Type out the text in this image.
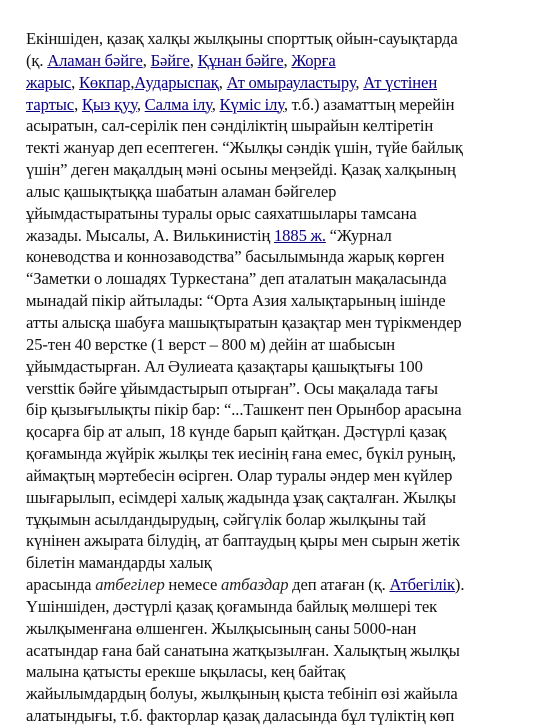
Екіншіден, қазақ халқы жылқыны спорттық ойын-сауықтарда
(қ. Аламан бәйге, Бәйге, Құнан бәйге, Жорға
жарыс, Көкпар,Аударыспақ, Ат омырауластыру, Ат үстінен
тартыс, Қыз қуу, Салма ілу, Күміс ілу, т.б.) азаматтың мерейін
асыратын, сал-серілік пен сәнділіктің шырайын келтіретін
текті жануар деп есептеген. “Жылқы сәндік үшін, түйе байлық
үшін” деген мақалдың мәні осыны меңзейді. Қазақ халқының
алыс қашықтыққа шабатын аламан бәйгелер
ұйымдастыратыны туралы орыс саяхатшылары тамсана
жазады. Мысалы, А. Вилькинистің 1885 ж. “Журнал
коневодства и коннозаводства” басылымында жарық көрген
“Заметки о лошадях Туркестана” деп аталатын мақаласында
мынадай пікір айтылады: “Орта Азия халықтарының ішінде
атты алысқа шабуға машықтыратын қазақтар мен түрікмендер
25-тен 40 верстке (1 верст – 800 м) дейін ат шабысын
ұйымдастырған. Ал Әулиеата қазақтары қашықтығы 100
versttік бәйге ұйымдастырып отырған”. Осы мақалада тағы
бір қызығылықты пікір бар: “...Ташкент пен Орынбор арасына
қосарға бір ат алып, 18 күнде барып қайтқан. Дәстүрлі қазақ
қоғамында жүйрік жылқы тек иесінің ғана емес, бүкіл руның,
аймақтың мәртебесін өсірген. Олар туралы әндер мен күйлер
шығарылып, есімдері халық жадында ұзақ сақталған. Жылқы
тұқымын асылдандырудың, сәйгүлік болар жылқыны тай
күнінен ажырата білудің, ат баптаудың қыры мен сырын жетік
білетін мамандарды халық
арасында атбегілер немесе атбаздар деп атаған (қ. Атбегілік).
Үшіншіден, дәстүрлі қазақ қоғамында байлық мөлшері тек
жылқыменғана өлшенген. Жылқысының саны 5000-нан
асатындар ғана бай санатына жатқызылған. Халықтың жылқы
малына қатысты ерекше ықыласы, кең байтақ
жайылымдардың болуы, жылқының қыста тебініп өзі жайыла
алатындығы, т.б. факторлар қазақ даласында бұл түліктің көп
